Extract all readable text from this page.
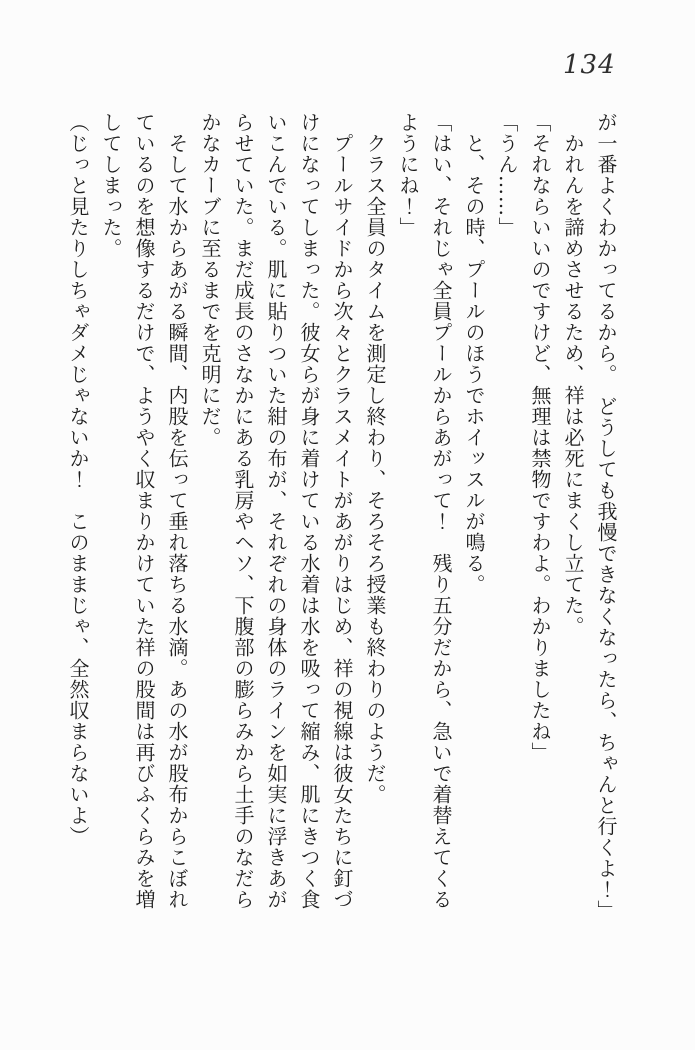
134
が一番よくわかってるから。　どうしても我慢できなくなったら、ちゃんと行くよ！」
　かれんを諦めさせるため、祥は必死にまくし立てた。
「それならいいのですけど、無理は禁物ですわよ。わかりましたね」
「うん……」
　と、その時、プールのほうでホイッスルが鳴る。
「はい、それじゃ全員プールからあがって！　残り五分だから、急いで着替えてくる
ようにね！」
　クラス全員のタイムを測定し終わり、そろそろ授業も終わりのようだ。
　プールサイドから次々とクラスメイトがあがりはじめ、祥の視線は彼女たちに釘づ
けになってしまった。彼女らが身に着けている水着は水を吸って縮み、肌にきつく食
いこんでいる。肌に貼りついた紺の布が、それぞれの身体のラインを如実に浮きあが
らせていた。まだ成長のさなかにある乳房やヘソ、下腹部の膨らみから土手のなだら
かなカーブに至るまでを克明にだ。
　そして水からあがる瞬間、内股を伝って垂れ落ちる水滴。あの水が股布からこぼれ
ているのを想像するだけで、ようやく収まりかけていた祥の股間は再びふくらみを増
してしまった。
（じっと見たりしちゃダメじゃないか！　このままじゃ、全然収まらないよ）
